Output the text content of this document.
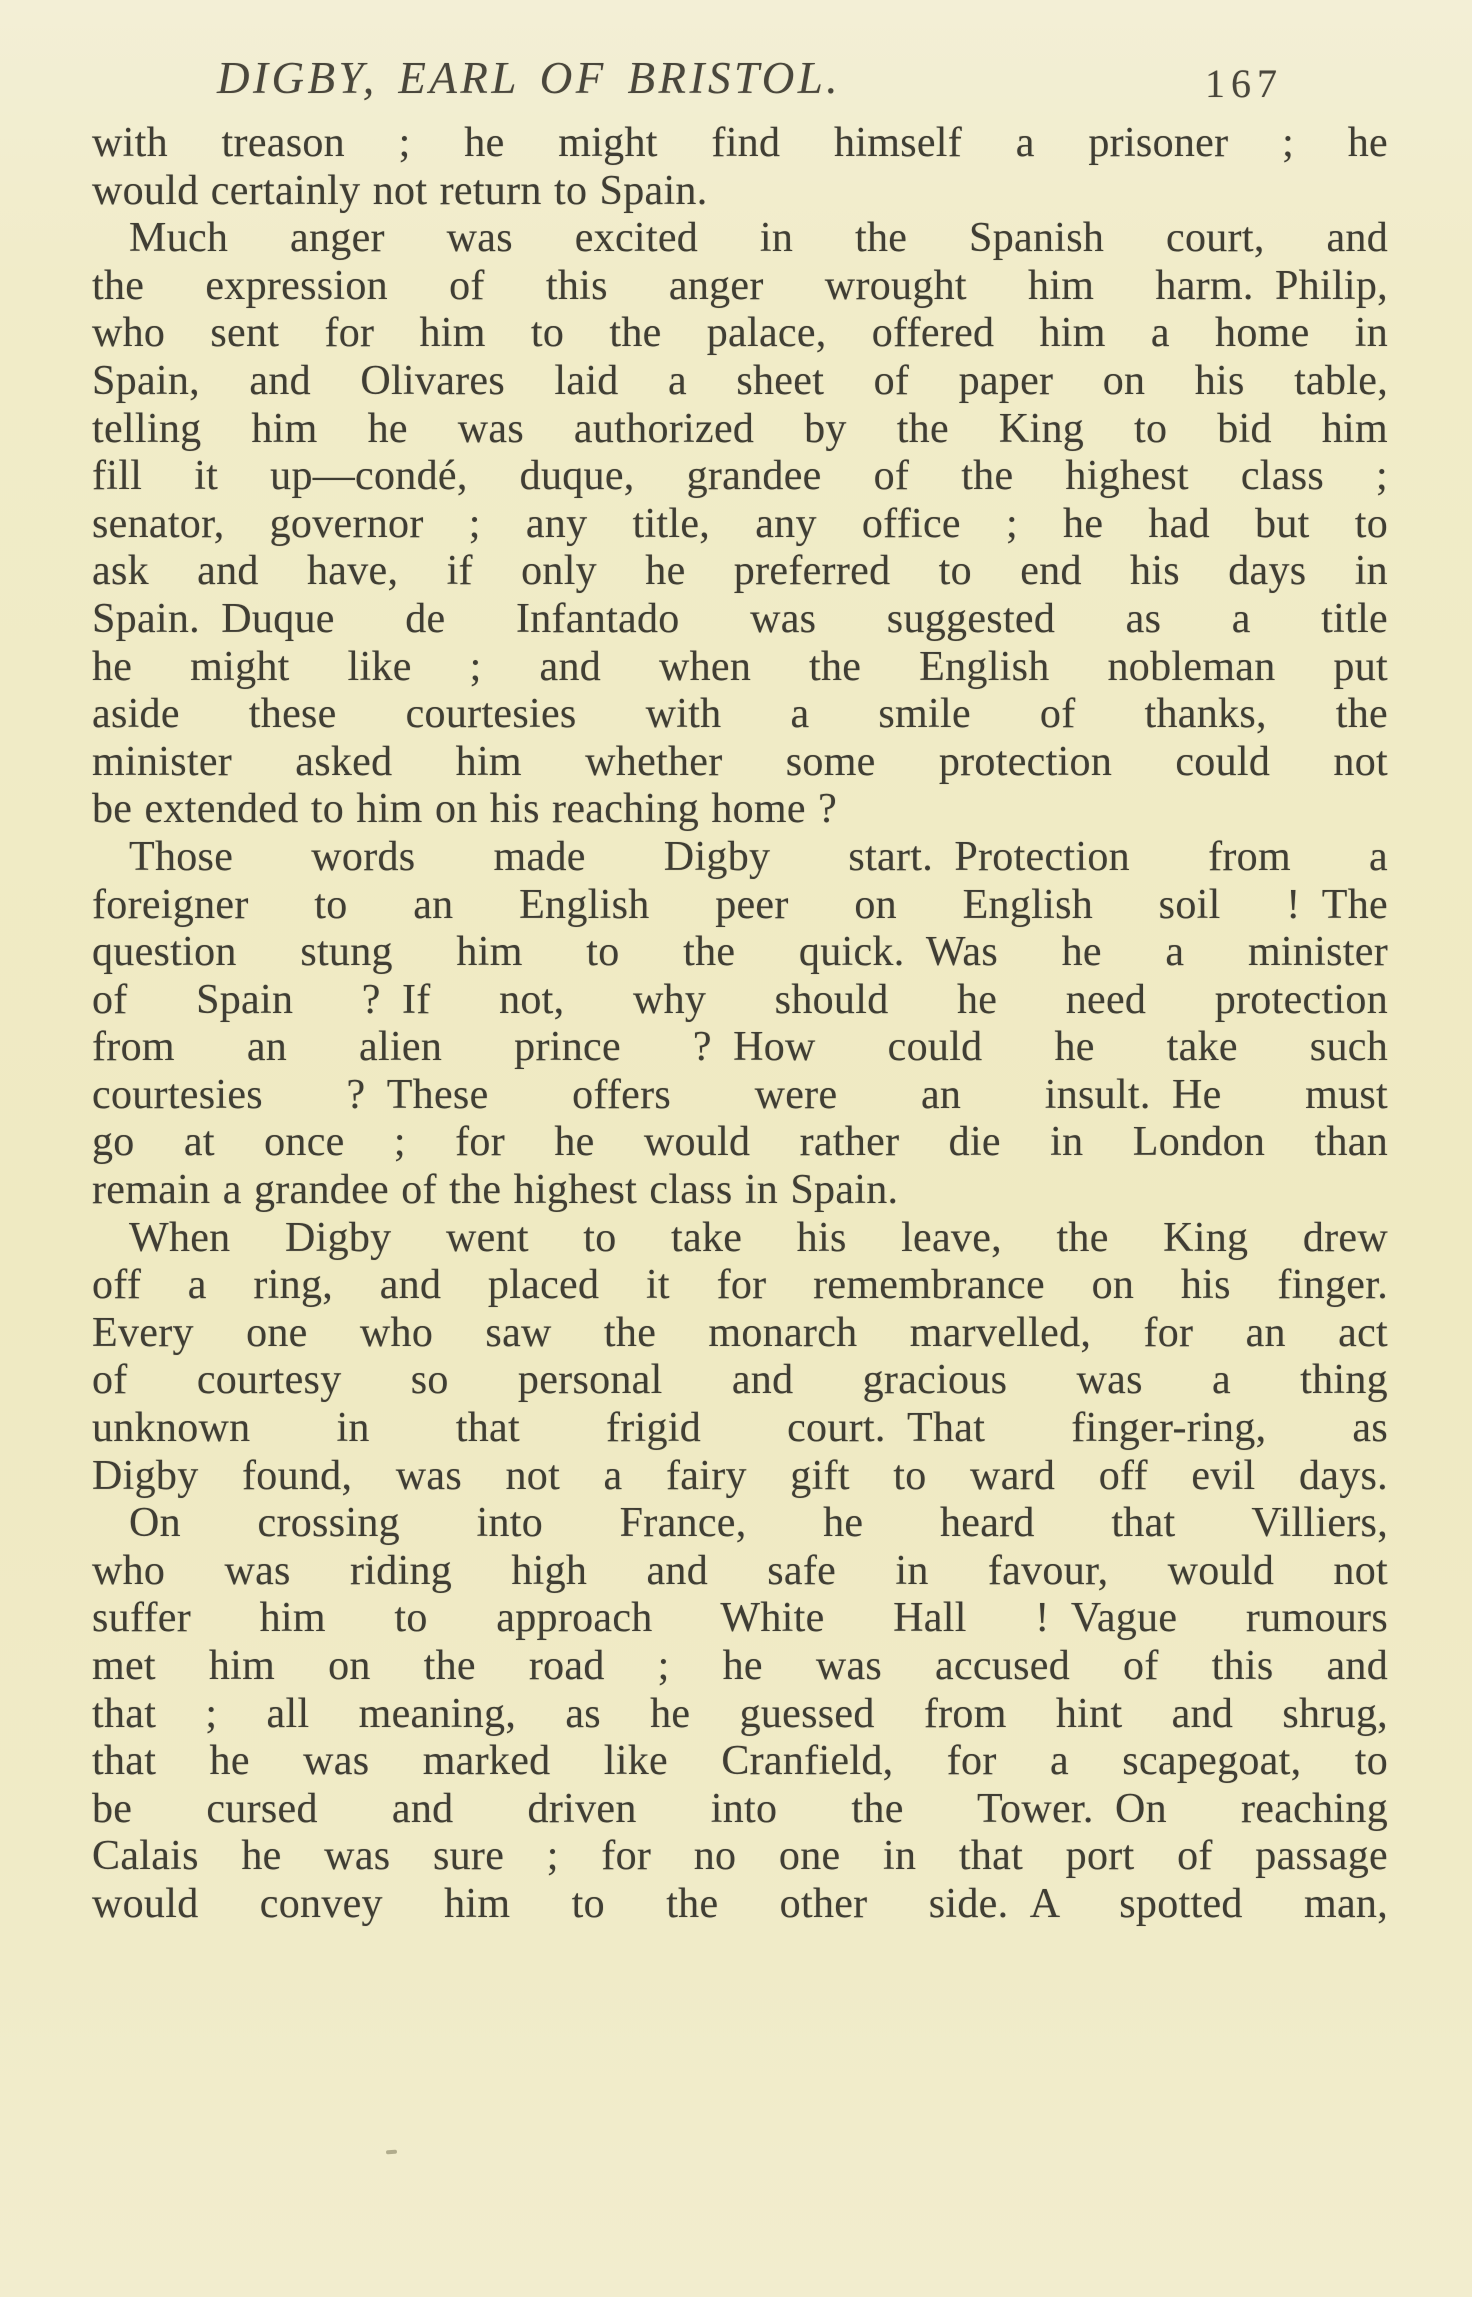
DIGBY, EARL OF BRISTOL.	167
with treason ; he might find himself a prisoner ; he
would certainly not return to Spain.
Much anger was excited in the Spanish court, and
the expression of this anger wrought him harm. Philip,
who sent for him to the palace, offered him a home in
Spain, and Olivares laid a sheet of paper on his table,
telling him he was authorized by the King to bid him
fill it up—condé, duque, grandee of the highest class ;
senator, governor ; any title, any office ; he had but to
ask and have, if only he preferred to end his days in
Spain. Duque de Infantado was suggested as a title
he might like ; and when the English nobleman put
aside these courtesies with a smile of thanks, the
minister asked him whether some protection could not
be extended to him on his reaching home ?
Those words made Digby start. Protection from a
foreigner to an English peer on English soil ! The
question stung him to the quick. Was he a minister
of Spain ? If not, why should he need protection
from an alien prince ? How could he take such
courtesies ? These offers were an insult. He must
go at once ; for he would rather die in London than
remain a grandee of the highest class in Spain.
When Digby went to take his leave, the King drew
off a ring, and placed it for remembrance on his finger.
Every one who saw the monarch marvelled, for an act
of courtesy so personal and gracious was a thing
unknown in that frigid court. That finger-ring, as
Digby found, was not a fairy gift to ward off evil days.
On crossing into France, he heard that Villiers,
who was riding high and safe in favour, would not
suffer him to approach White Hall ! Vague rumours
met him on the road ; he was accused of this and
that ; all meaning, as he guessed from hint and shrug,
that he was marked like Cranfield, for a scapegoat, to
be cursed and driven into the Tower. On reaching
Calais he was sure ; for no one in that port of passage
would convey him to the other side. A spotted man,
